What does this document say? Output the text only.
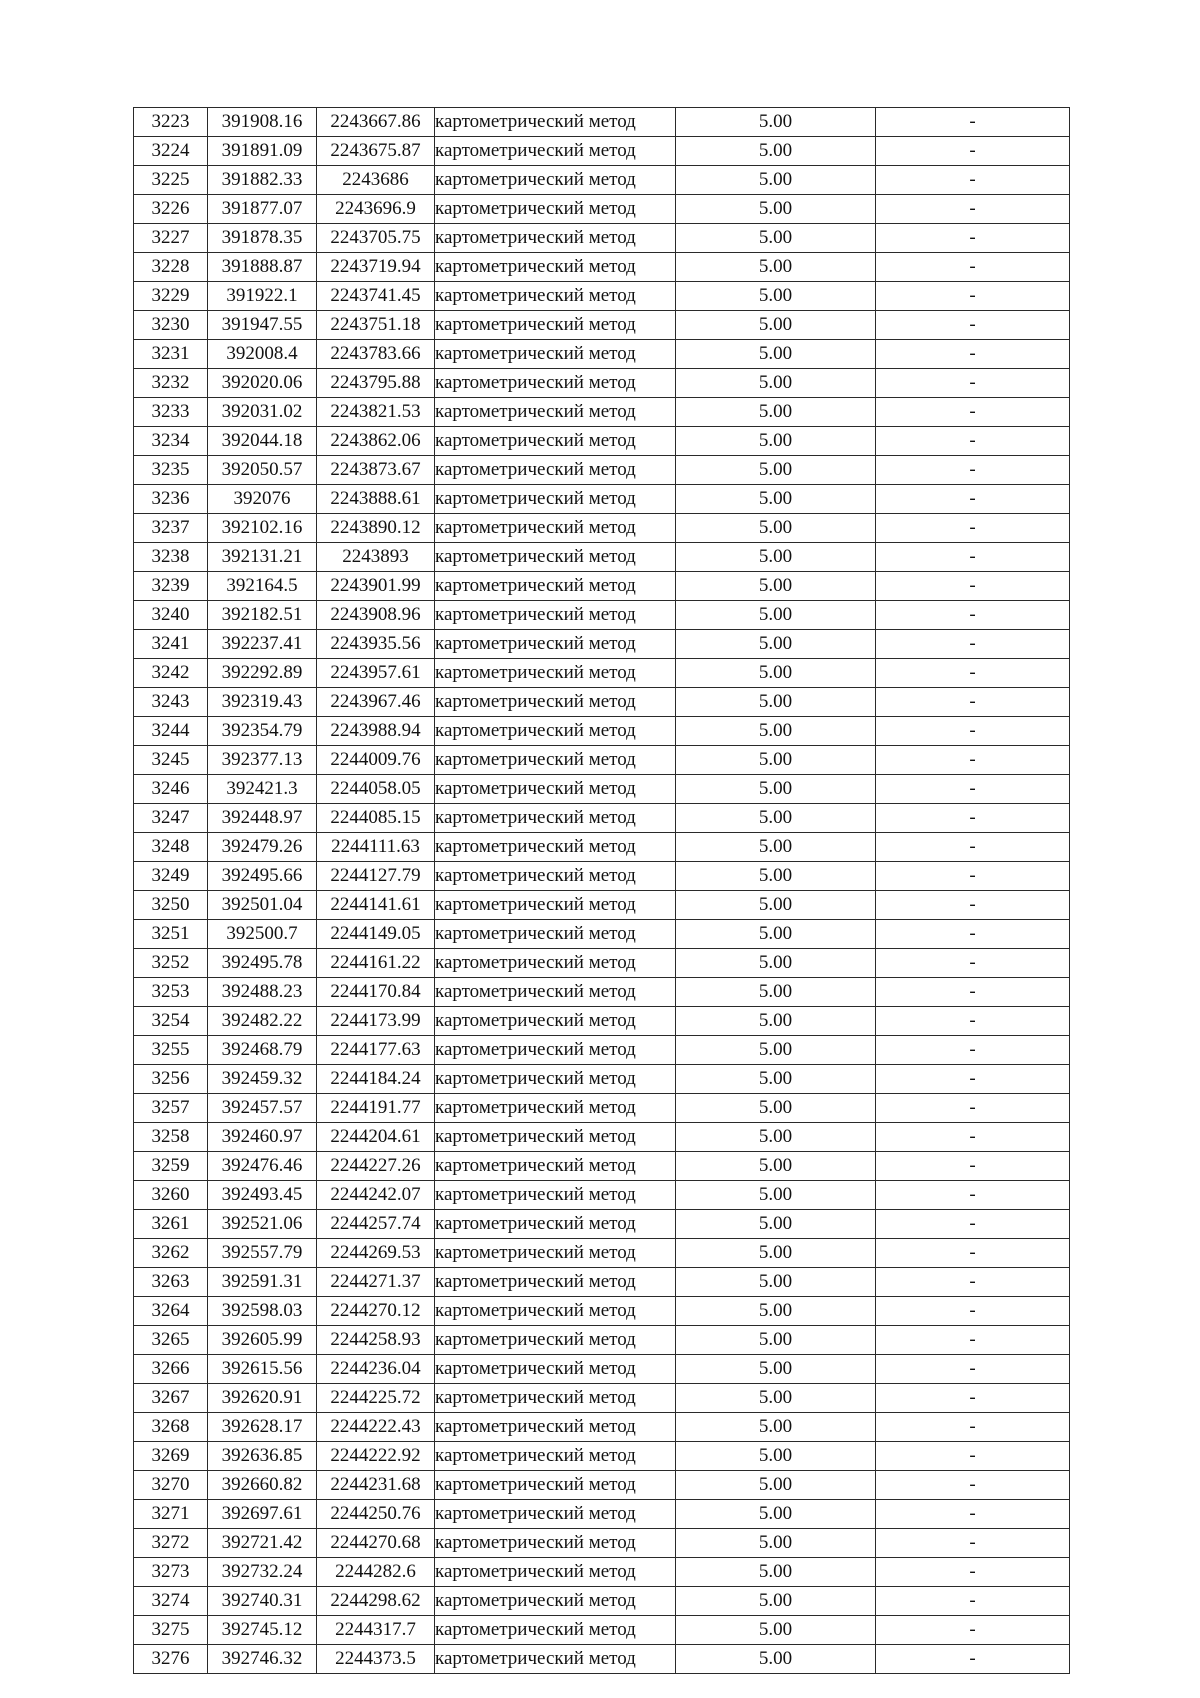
3223	391908.16	2243667.86	картометрический метод	5.00	-
3224	391891.09	2243675.87	картометрический метод	5.00	-
3225	391882.33	2243686	картометрический метод	5.00	-
3226	391877.07	2243696.9	картометрический метод	5.00	-
3227	391878.35	2243705.75	картометрический метод	5.00	-
3228	391888.87	2243719.94	картометрический метод	5.00	-
3229	391922.1	2243741.45	картометрический метод	5.00	-
3230	391947.55	2243751.18	картометрический метод	5.00	-
3231	392008.4	2243783.66	картометрический метод	5.00	-
3232	392020.06	2243795.88	картометрический метод	5.00	-
3233	392031.02	2243821.53	картометрический метод	5.00	-
3234	392044.18	2243862.06	картометрический метод	5.00	-
3235	392050.57	2243873.67	картометрический метод	5.00	-
3236	392076	2243888.61	картометрический метод	5.00	-
3237	392102.16	2243890.12	картометрический метод	5.00	-
3238	392131.21	2243893	картометрический метод	5.00	-
3239	392164.5	2243901.99	картометрический метод	5.00	-
3240	392182.51	2243908.96	картометрический метод	5.00	-
3241	392237.41	2243935.56	картометрический метод	5.00	-
3242	392292.89	2243957.61	картометрический метод	5.00	-
3243	392319.43	2243967.46	картометрический метод	5.00	-
3244	392354.79	2243988.94	картометрический метод	5.00	-
3245	392377.13	2244009.76	картометрический метод	5.00	-
3246	392421.3	2244058.05	картометрический метод	5.00	-
3247	392448.97	2244085.15	картометрический метод	5.00	-
3248	392479.26	2244111.63	картометрический метод	5.00	-
3249	392495.66	2244127.79	картометрический метод	5.00	-
3250	392501.04	2244141.61	картометрический метод	5.00	-
3251	392500.7	2244149.05	картометрический метод	5.00	-
3252	392495.78	2244161.22	картометрический метод	5.00	-
3253	392488.23	2244170.84	картометрический метод	5.00	-
3254	392482.22	2244173.99	картометрический метод	5.00	-
3255	392468.79	2244177.63	картометрический метод	5.00	-
3256	392459.32	2244184.24	картометрический метод	5.00	-
3257	392457.57	2244191.77	картометрический метод	5.00	-
3258	392460.97	2244204.61	картометрический метод	5.00	-
3259	392476.46	2244227.26	картометрический метод	5.00	-
3260	392493.45	2244242.07	картометрический метод	5.00	-
3261	392521.06	2244257.74	картометрический метод	5.00	-
3262	392557.79	2244269.53	картометрический метод	5.00	-
3263	392591.31	2244271.37	картометрический метод	5.00	-
3264	392598.03	2244270.12	картометрический метод	5.00	-
3265	392605.99	2244258.93	картометрический метод	5.00	-
3266	392615.56	2244236.04	картометрический метод	5.00	-
3267	392620.91	2244225.72	картометрический метод	5.00	-
3268	392628.17	2244222.43	картометрический метод	5.00	-
3269	392636.85	2244222.92	картометрический метод	5.00	-
3270	392660.82	2244231.68	картометрический метод	5.00	-
3271	392697.61	2244250.76	картометрический метод	5.00	-
3272	392721.42	2244270.68	картометрический метод	5.00	-
3273	392732.24	2244282.6	картометрический метод	5.00	-
3274	392740.31	2244298.62	картометрический метод	5.00	-
3275	392745.12	2244317.7	картометрический метод	5.00	-
3276	392746.32	2244373.5	картометрический метод	5.00	-
